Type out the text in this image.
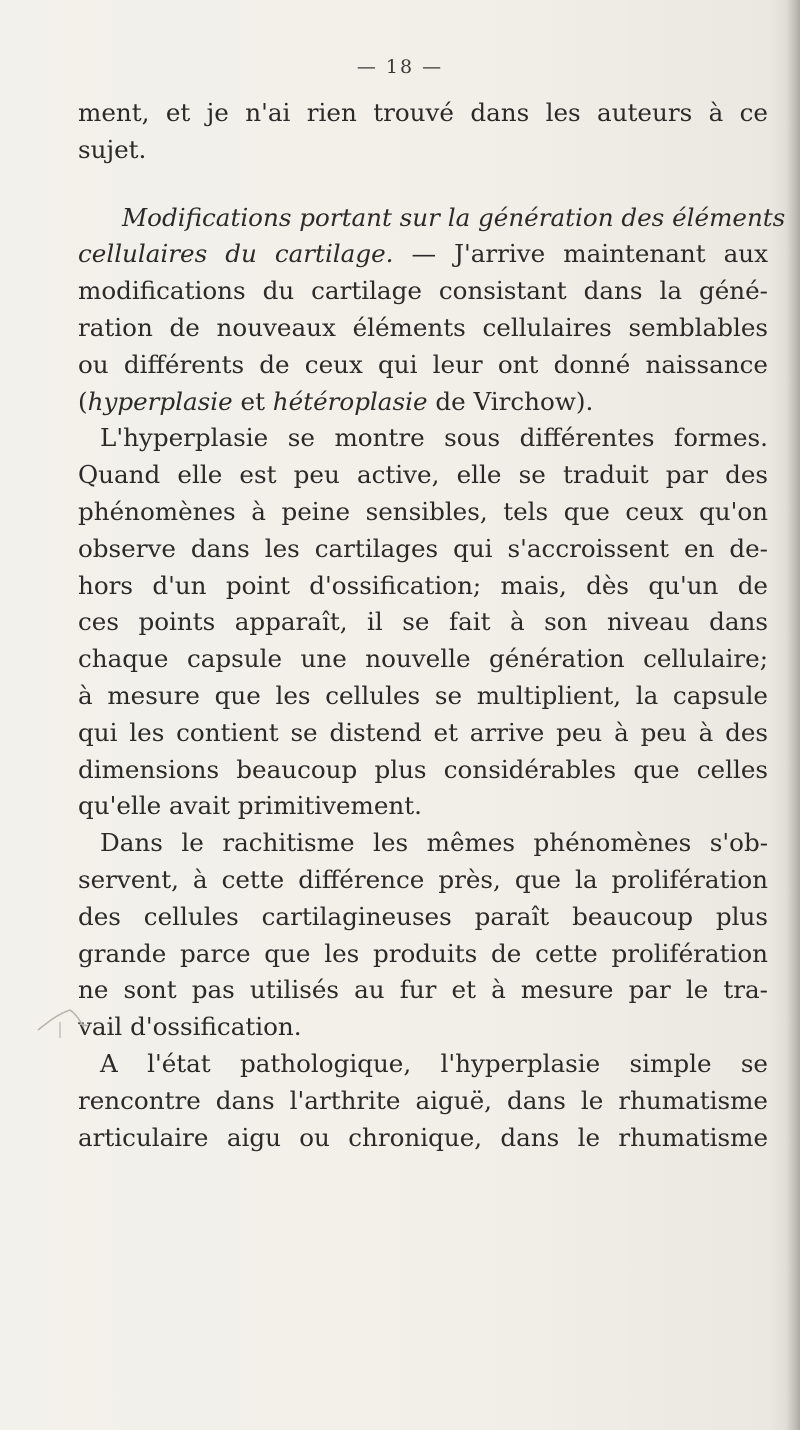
— 18 —

ment, et je n'ai rien trouvé dans les auteurs à ce
sujet.

Modifications portant sur la génération des éléments
cellulaires du cartilage. — J'arrive maintenant aux
modifications du cartilage consistant dans la géné-
ration de nouveaux éléments cellulaires semblables
ou différents de ceux qui leur ont donné naissance
(hyperplasie et hétéroplasie de Virchow).

L'hyperplasie se montre sous différentes formes.
Quand elle est peu active, elle se traduit par des
phénomènes à peine sensibles, tels que ceux qu'on
observe dans les cartilages qui s'accroissent en de-
hors d'un point d'ossification; mais, dès qu'un de
ces points apparaît, il se fait à son niveau dans
chaque capsule une nouvelle génération cellulaire;
à mesure que les cellules se multiplient, la capsule
qui les contient se distend et arrive peu à peu à des
dimensions beaucoup plus considérables que celles
qu'elle avait primitivement.

Dans le rachitisme les mêmes phénomènes s'ob-
servent, à cette différence près, que la prolifération
des cellules cartilagineuses paraît beaucoup plus
grande parce que les produits de cette prolifération
ne sont pas utilisés au fur et à mesure par le tra-
vail d'ossification.

A l'état pathologique, l'hyperplasie simple se
rencontre dans l'arthrite aiguë, dans le rhumatisme
articulaire aigu ou chronique, dans le rhumatisme
